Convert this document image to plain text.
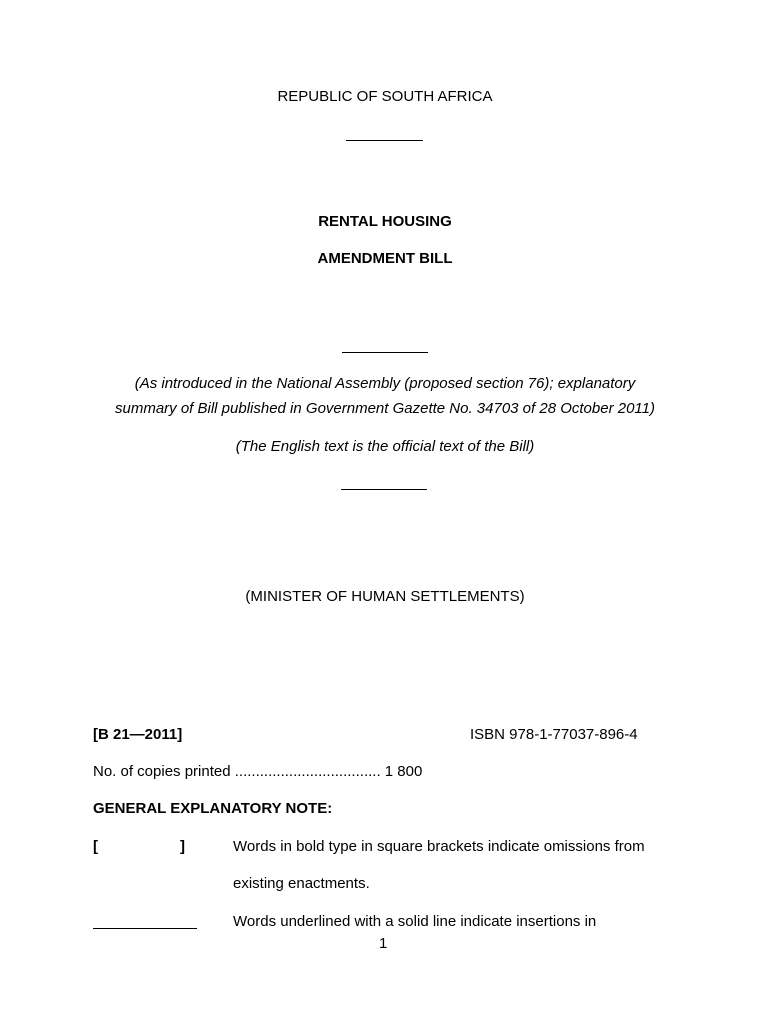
REPUBLIC OF SOUTH AFRICA
RENTAL HOUSING
AMENDMENT BILL
(As introduced in the National Assembly (proposed section 76); explanatory
summary of Bill published in Government Gazette No. 34703 of 28 October 2011)
(The English text is the official text of the Bill)
(MINISTER OF HUMAN SETTLEMENTS)
[B 21—2011]	ISBN 978-1-77037-896-4
No. of copies printed ................................... 1 800
GENERAL EXPLANATORY NOTE:
[	]	Words in bold type in square brackets indicate omissions from
existing enactments.
Words underlined with a solid line indicate insertions in
1
